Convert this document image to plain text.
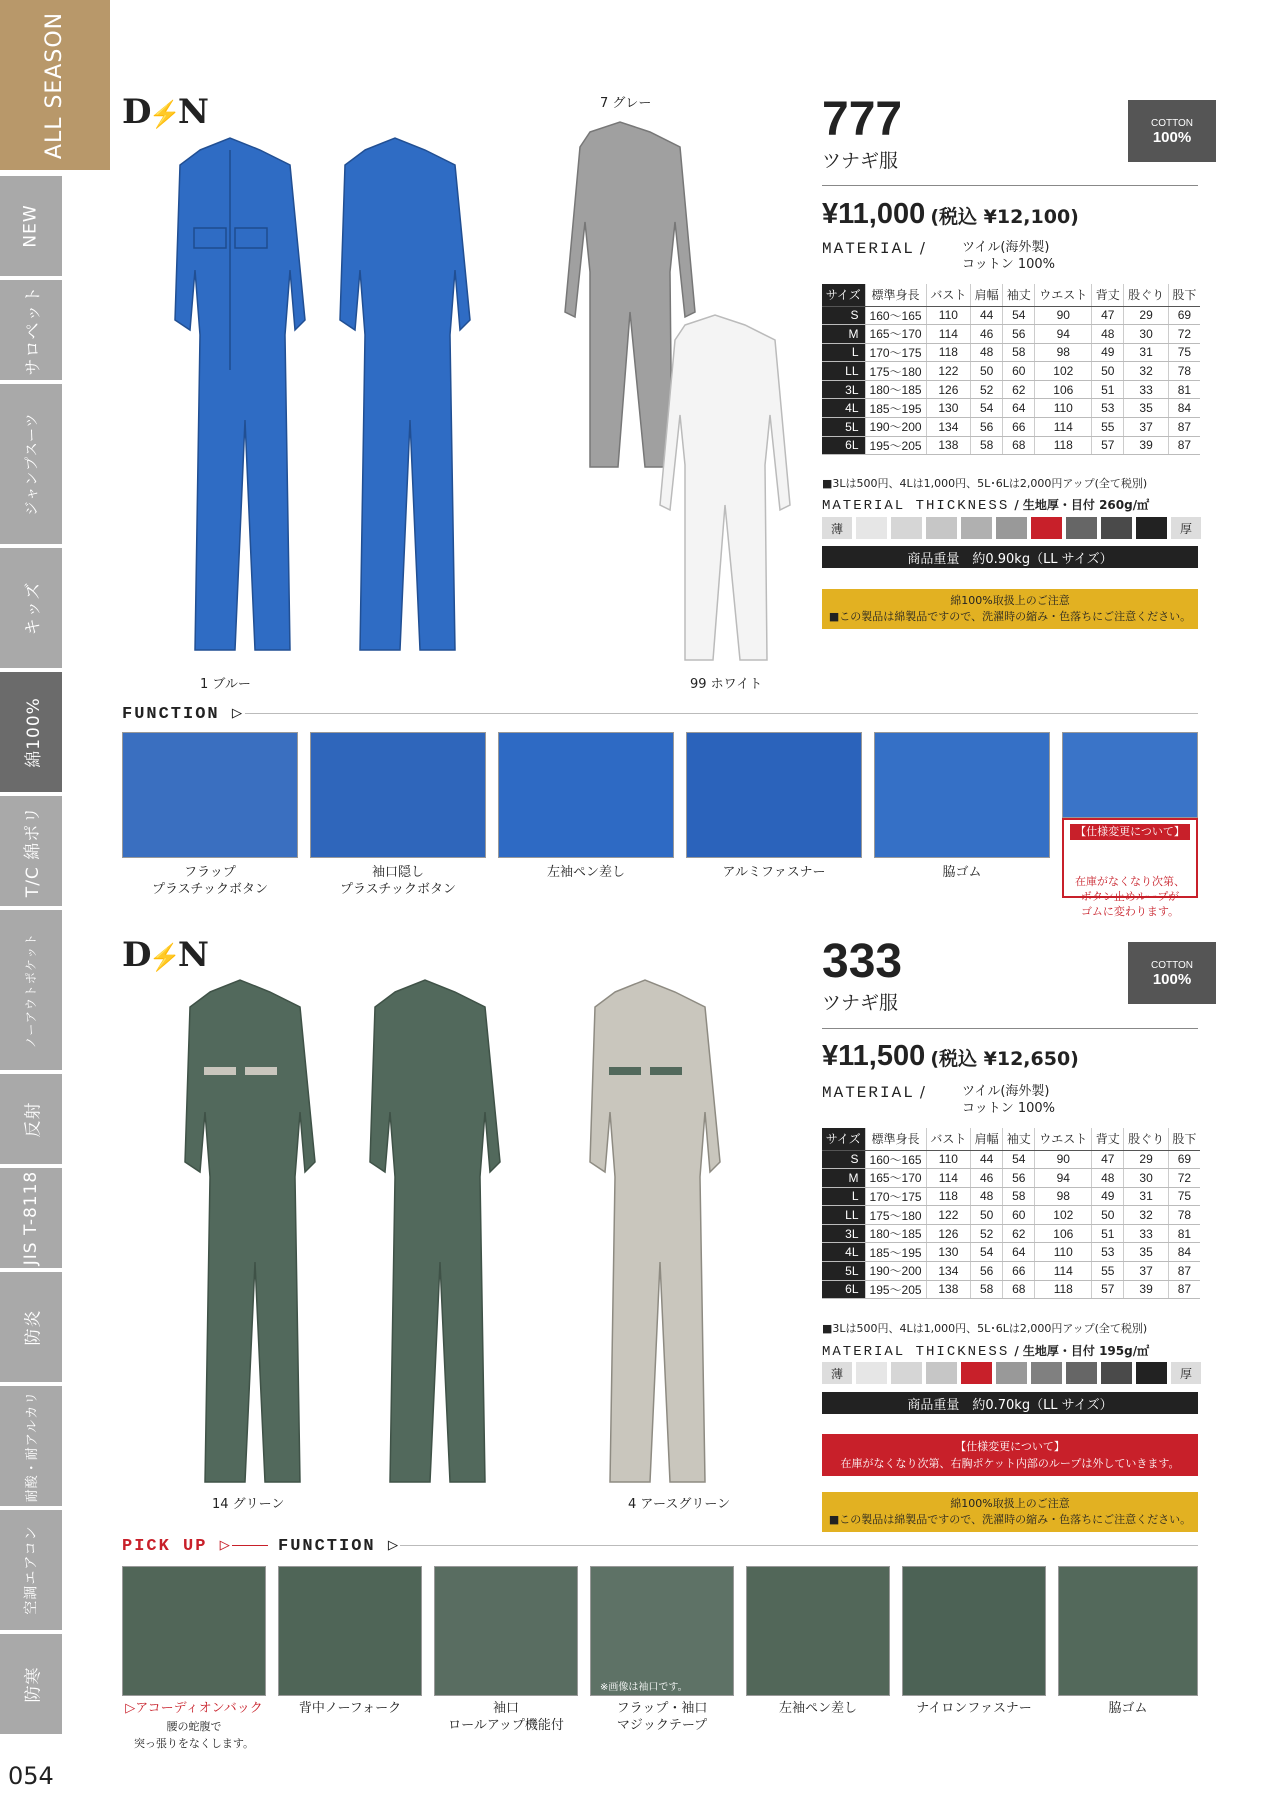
ALL SEASON
NEW
サロペット
ジャンプスーツ
キッズ
綿100%
T/C 綿ポリ
ノーアウトポケット
反射
JIS T-8118
防炎
耐酸・耐アルカリ
空調エアコン
防寒
054
D⚡N	7 グレー
1 ブルー	99 ホワイト
777
ツナギ服
COTTON
100%
¥11,000 (税込 ¥12,100)
MATERIAL /	ツイル(海外製)
コットン 100%
サイズ	標準身長	バスト	肩幅	袖丈	ウエスト	背丈	股ぐり	股下
S	160～165	110	44	54	90	47	29	69
M	165～170	114	46	56	94	48	30	72
L	170～175	118	48	58	98	49	31	75
LL	175～180	122	50	60	102	50	32	78
3L	180～185	126	52	62	106	51	33	81
4L	185～195	130	54	64	110	53	35	84
5L	190～200	134	56	66	114	55	37	87
6L	195～205	138	58	68	118	57	39	87
■3Lは500円、4Lは1,000円、5L･6Lは2,000円アップ(全て税別)
MATERIAL THICKNESS / 生地厚・目付 260g/㎡
薄	厚
商品重量　約0.90kg（LL サイズ）
綿100%取扱上のご注意
■この製品は綿製品ですので、洗濯時の縮み・色落ちにご注意ください。
FUNCTION ▷
フラップ
プラスチックボタン
袖口隠し
プラスチックボタン
左袖ペン差し	アルミファスナー	脇ゴム

【仕様変更について】

在庫がなくなり次第、
ボタン止めループが
ゴムに変わります。

D⚡N
14 グリーン	4 アースグリーン
333
ツナギ服
COTTON
100%
¥11,500 (税込 ¥12,650)
MATERIAL /	ツイル(海外製)
コットン 100%
サイズ	標準身長	バスト	肩幅	袖丈	ウエスト	背丈	股ぐり	股下
S	160～165	110	44	54	90	47	29	69
M	165～170	114	46	56	94	48	30	72
L	170～175	118	48	58	98	49	31	75
LL	175～180	122	50	60	102	50	32	78
3L	180～185	126	52	62	106	51	33	81
4L	185～195	130	54	64	110	53	35	84
5L	190～200	134	56	66	114	55	37	87
6L	195～205	138	58	68	118	57	39	87
■3Lは500円、4Lは1,000円、5L･6Lは2,000円アップ(全て税別)
MATERIAL THICKNESS / 生地厚・目付 195g/㎡
薄	厚
商品重量　約0.70kg（LL サイズ）
【仕様変更について】
在庫がなくなり次第、右胸ポケット内部のループは外していきます。
綿100%取扱上のご注意
■この製品は綿製品ですので、洗濯時の縮み・色落ちにご注意ください。
PICK UP ▷	FUNCTION ▷
※画像は袖口です。
▷アコーディオンバック
腰の蛇腹で
突っ張りをなくします。
背中ノーフォーク	袖口
ロールアップ機能付
フラップ・袖口
マジックテープ
左袖ペン差し	ナイロンファスナー	脇ゴム
